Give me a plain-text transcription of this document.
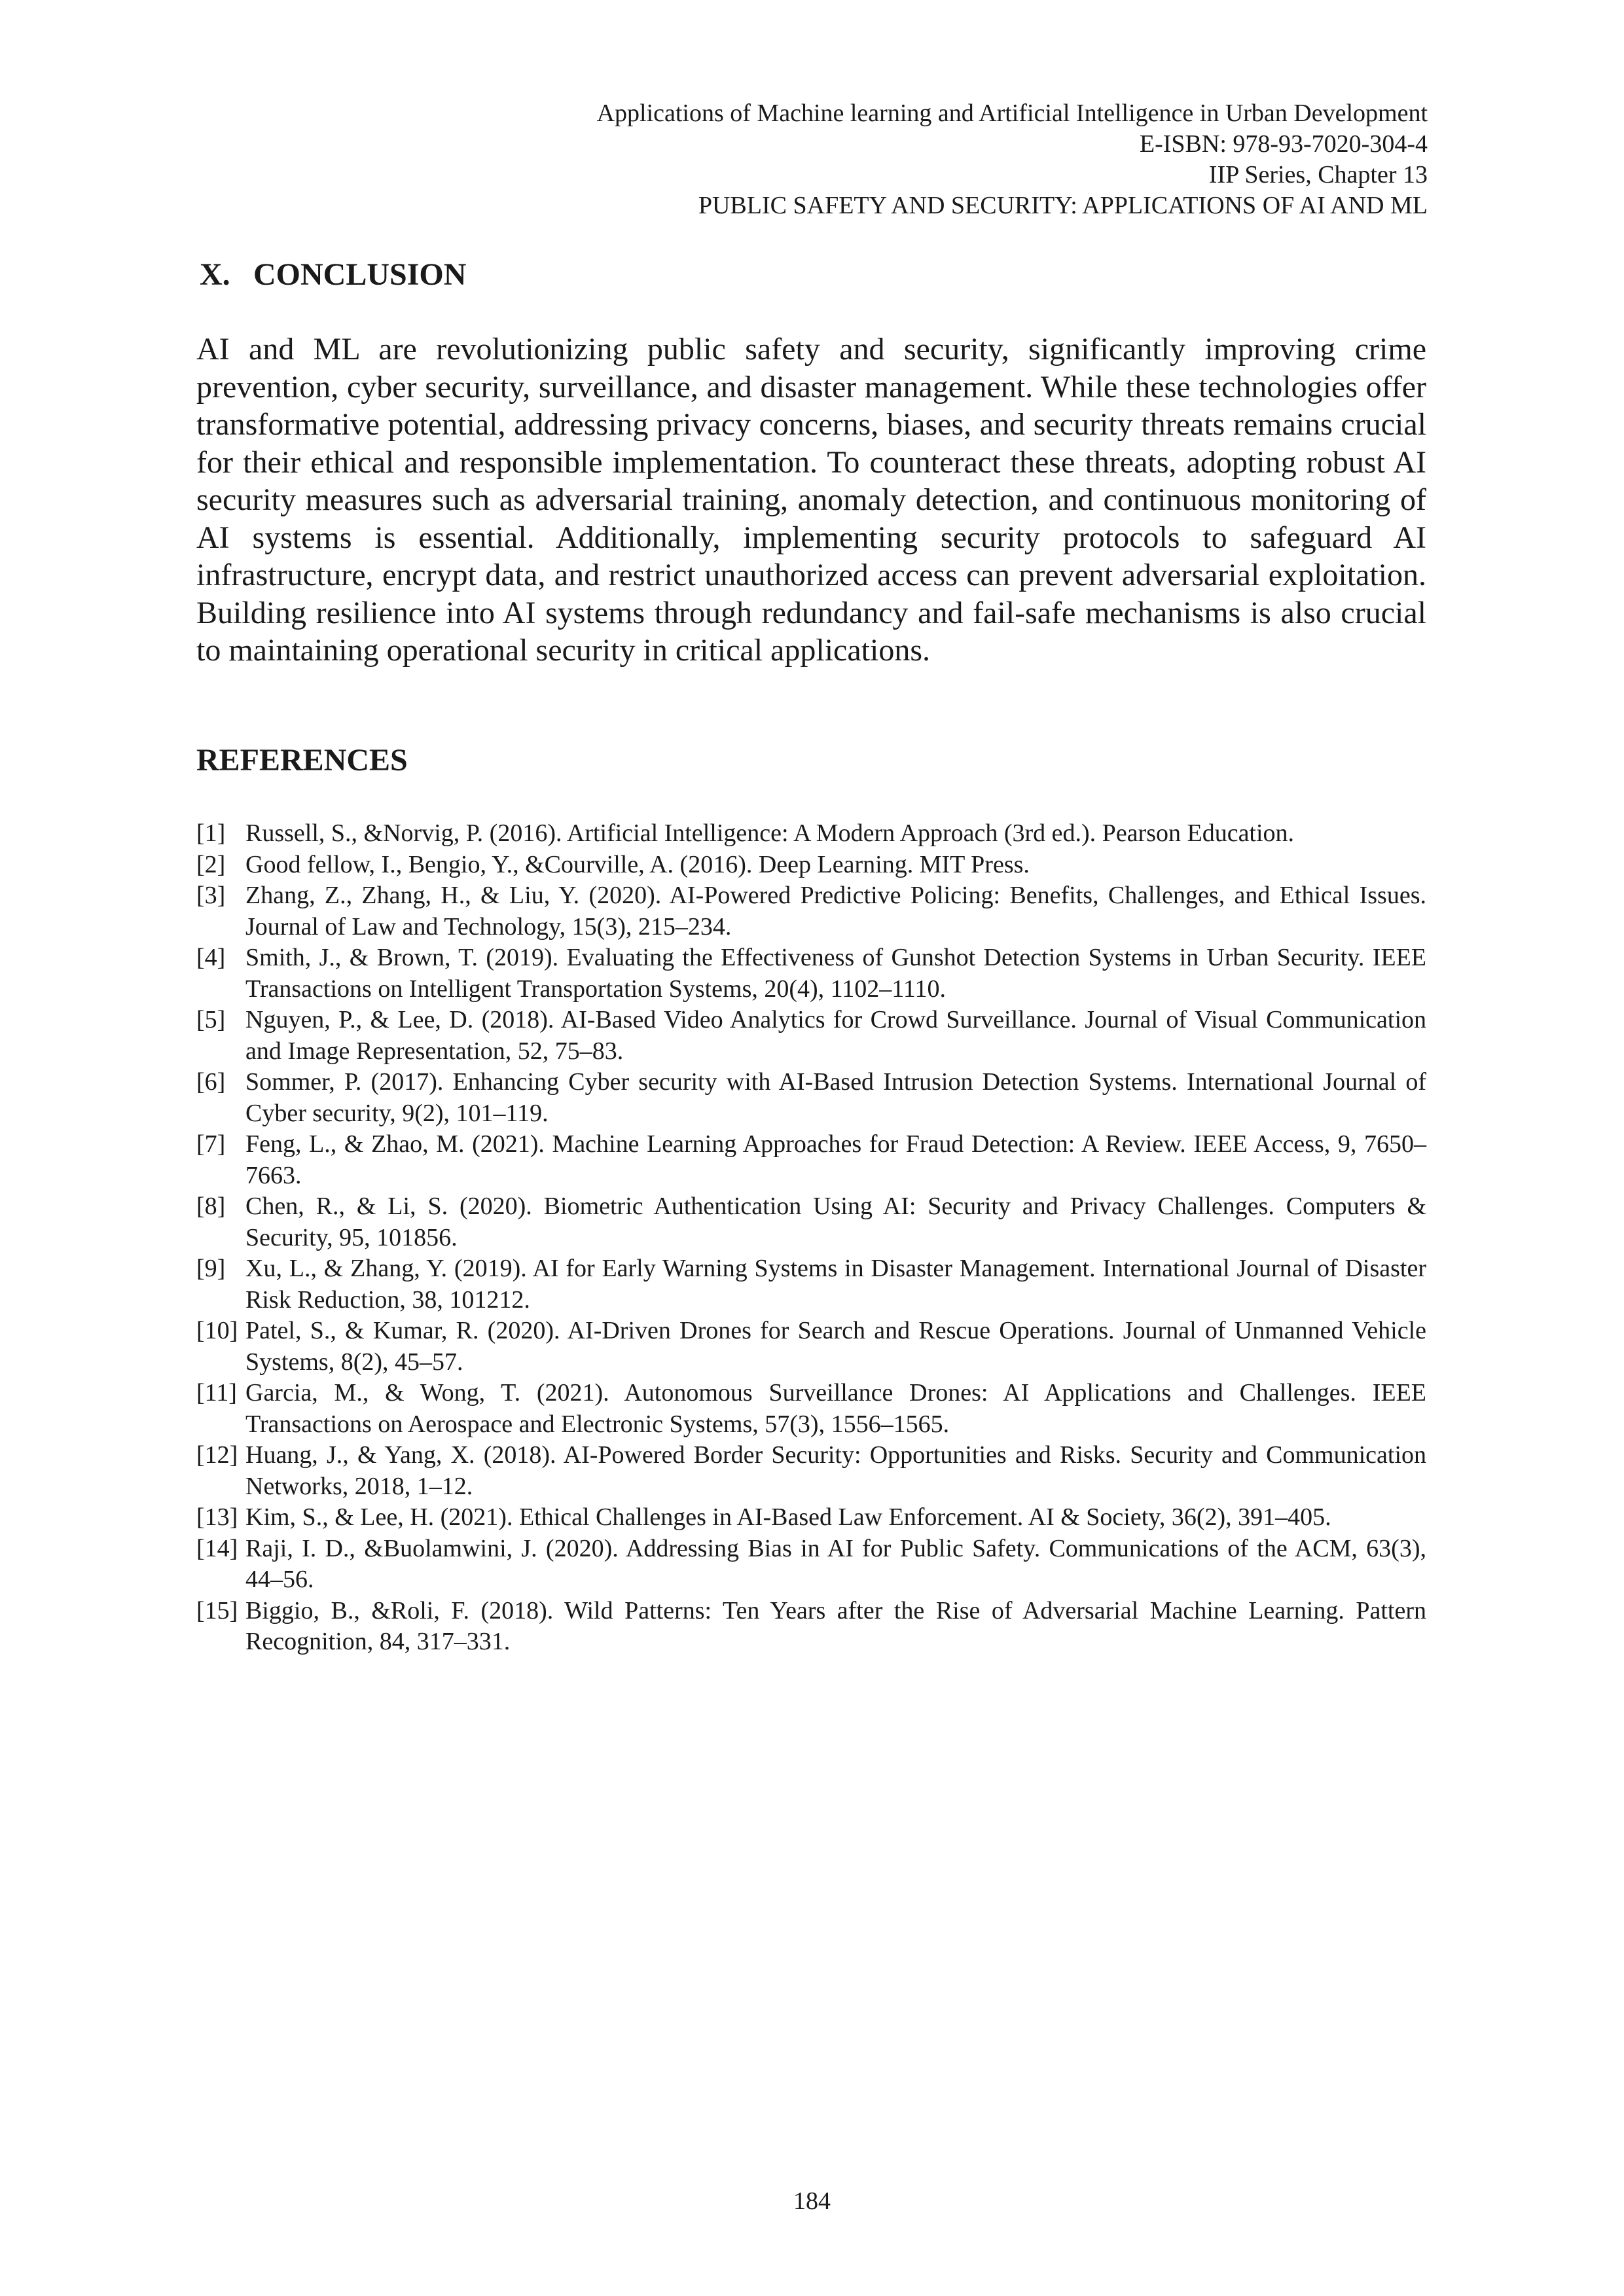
Applications of Machine learning and Artificial Intelligence in Urban Development
E-ISBN: 978-93-7020-304-4
IIP Series, Chapter 13
PUBLIC SAFETY AND SECURITY: APPLICATIONS OF AI AND ML
X. CONCLUSION

AI and ML are revolutionizing public safety and security, significantly improving crime prevention, cyber security, surveillance, and disaster management. While these technologies offer transformative potential, addressing privacy concerns, biases, and security threats remains crucial for their ethical and responsible implementation. To counteract these threats, adopting robust AI security measures such as adversarial training, anomaly detection, and continuous monitoring of AI systems is essential. Additionally, implementing security protocols to safeguard AI infrastructure, encrypt data, and restrict unauthorized access can prevent adversarial exploitation. Building resilience into AI systems through redundancy and fail-safe mechanisms is also crucial to maintaining operational security in critical applications.

REFERENCES
[1] Russell, S., &Norvig, P. (2016). Artificial Intelligence: A Modern Approach (3rd ed.). Pearson Education.
[2] Good fellow, I., Bengio, Y., &Courville, A. (2016). Deep Learning. MIT Press.
[3] Zhang, Z., Zhang, H., & Liu, Y. (2020). AI-Powered Predictive Policing: Benefits, Challenges, and Ethical Issues. Journal of Law and Technology, 15(3), 215–234.
[4] Smith, J., & Brown, T. (2019). Evaluating the Effectiveness of Gunshot Detection Systems in Urban Security. IEEE Transactions on Intelligent Transportation Systems, 20(4), 1102–1110.
[5] Nguyen, P., & Lee, D. (2018). AI-Based Video Analytics for Crowd Surveillance. Journal of Visual Communication and Image Representation, 52, 75–83.
[6] Sommer, P. (2017). Enhancing Cyber security with AI-Based Intrusion Detection Systems. International Journal of Cyber security, 9(2), 101–119.
[7] Feng, L., & Zhao, M. (2021). Machine Learning Approaches for Fraud Detection: A Review. IEEE Access, 9, 7650–7663.
[8] Chen, R., & Li, S. (2020). Biometric Authentication Using AI: Security and Privacy Challenges. Computers & Security, 95, 101856.
[9] Xu, L., & Zhang, Y. (2019). AI for Early Warning Systems in Disaster Management. International Journal of Disaster Risk Reduction, 38, 101212.
[10] Patel, S., & Kumar, R. (2020). AI-Driven Drones for Search and Rescue Operations. Journal of Unmanned Vehicle Systems, 8(2), 45–57.
[11] Garcia, M., & Wong, T. (2021). Autonomous Surveillance Drones: AI Applications and Challenges. IEEE Transactions on Aerospace and Electronic Systems, 57(3), 1556–1565.
[12] Huang, J., & Yang, X. (2018). AI-Powered Border Security: Opportunities and Risks. Security and Communication Networks, 2018, 1–12.
[13] Kim, S., & Lee, H. (2021). Ethical Challenges in AI-Based Law Enforcement. AI & Society, 36(2), 391–405.
[14] Raji, I. D., &Buolamwini, J. (2020). Addressing Bias in AI for Public Safety. Communications of the ACM, 63(3), 44–56.
[15] Biggio, B., &Roli, F. (2018). Wild Patterns: Ten Years after the Rise of Adversarial Machine Learning. Pattern Recognition, 84, 317–331.
184
